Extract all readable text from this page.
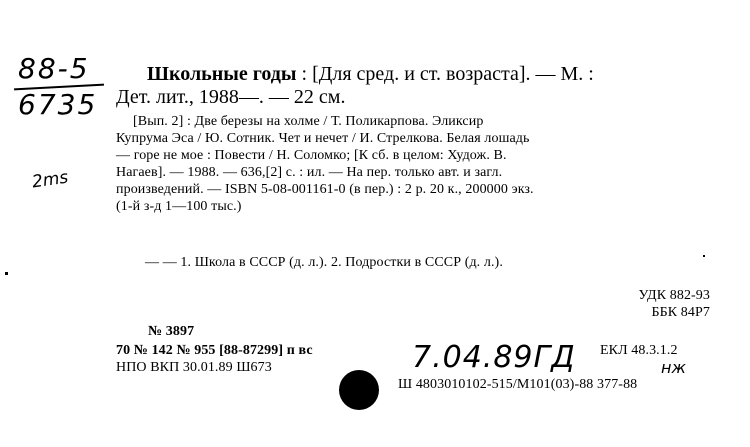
88-5
6735
2ms
Школьные годы : [Для сред. и ст. возраста]. — М. :
Дет. лит., 1988—. — 22 см.
[Вып. 2] : Две березы на холме / Т. Поликарпова. Эликсир
Купрума Эса / Ю. Сотник. Чет и нечет / И. Стрелкова. Белая лошадь
— горе не мое : Повести / Н. Соломко; [К сб. в целом: Худож. В.
Нагаев]. — 1988. — 636,[2] с. : ил. — На пер. только авт. и загл.
произведений. — ISBN 5-08-001161-0 (в пер.) : 2 р. 20 к., 200000 экз.
(1-й з-д 1—100 тыс.)
— — 1. Школа в СССР (д. л.). 2. Подростки в СССР (д. л.).
УДК 882-93
ББК 84Р7
№ 3897
70 № 142 № 955 [88-87299] п вс	ЕКЛ 48.3.1.2
НПО ВКП 30.01.89 Ш673
Ш 4803010102-515/М101(03)-88 377-88
7.04.89ГД	нж
